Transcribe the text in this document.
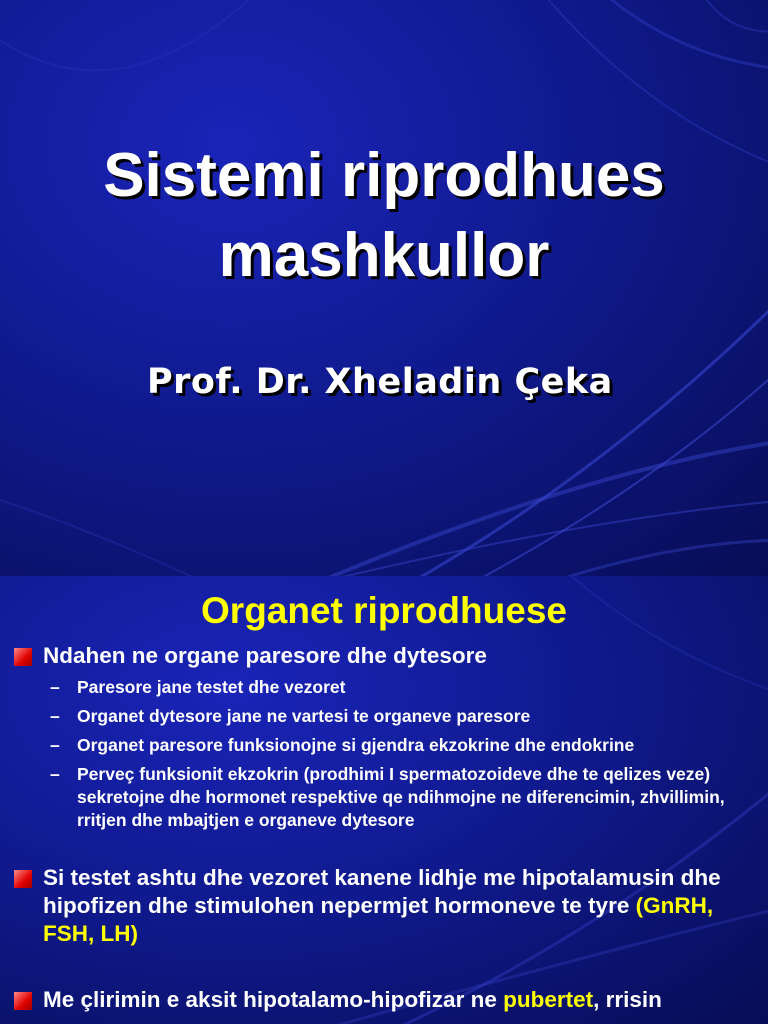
Sistemi riprodhues
mashkullor

Prof. Dr. Xheladin Çeka

Organet riprodhuese

Ndahen ne organe paresore dhe dytesore

– Paresore jane testet dhe vezoret

– Organet dytesore jane ne vartesi te organeve paresore

– Organet paresore funksionojne si gjendra ekzokrine dhe endokrine

– Perveç funksionit ekzokrin (prodhimi I spermatozoideve dhe te qelizes veze) sekretojne dhe hormonet respektive qe ndihmojne ne diferencimin, zhvillimin, rritjen dhe mbajtjen e organeve dytesore

Si testet ashtu dhe vezoret kanene lidhje me hipotalamusin dhe hipofizen dhe stimulohen nepermjet hormoneve te tyre (GnRH, FSH, LH)

Me çlirimin e aksit hipotalamo-hipofizar ne pubertet, rrisin
